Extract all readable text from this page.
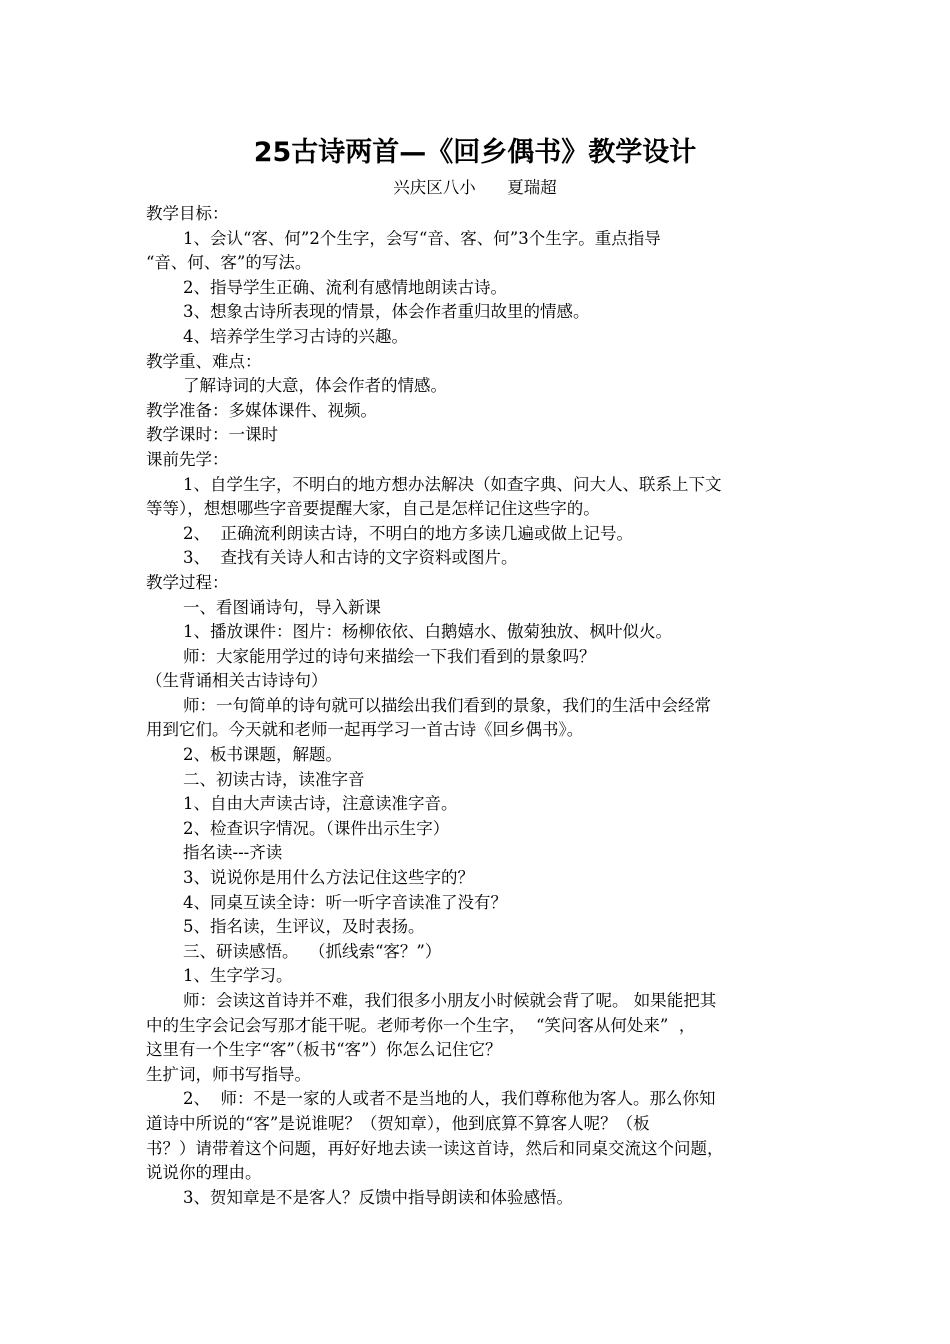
25古诗两首—《回乡偶书》教学设计
兴庆区八小      夏瑞超
教学目标：
1、会认“客、何”2个生字，会写“音、客、何”3个生字。重点指导
“音、何、客”的写法。
2、指导学生正确、流利有感情地朗读古诗。
3、想象古诗所表现的情景，体会作者重归故里的情感。
4、培养学生学习古诗的兴趣。
教学重、难点：
了解诗词的大意，体会作者的情感。
教学准备：多媒体课件、视频。
教学课时：一课时
课前先学：
1、自学生字，不明白的地方想办法解决（如查字典、问大人、联系上下文
等等），想想哪些字音要提醒大家，自己是怎样记住这些字的。
2、  正确流利朗读古诗，不明白的地方多读几遍或做上记号。
3、  查找有关诗人和古诗的文字资料或图片。
教学过程：
一、看图诵诗句，导入新课
1、播放课件：图片：杨柳依依、白鹅嬉水、傲菊独放、枫叶似火。
师：大家能用学过的诗句来描绘一下我们看到的景象吗？
（生背诵相关古诗诗句）
师：一句简单的诗句就可以描绘出我们看到的景象，我们的生活中会经常
用到它们。今天就和老师一起再学习一首古诗《回乡偶书》。
2、板书课题，解题。
二、初读古诗，读准字音
1、自由大声读古诗，注意读准字音。
2、检查识字情况。（课件出示生字）
指名读---齐读
3、说说你是用什么方法记住这些字的？
4、同桌互读全诗：听一听字音读准了没有？
5、指名读，生评议，及时表扬。
三、研读感悟。  （抓线索“客？”）
1、生字学习。
师：会读这首诗并不难，我们很多小朋友小时候就会背了呢。 如果能把其
中的生字会记会写那才能干呢。老师考你一个生字，  “笑问客从何处来”  ，
这里有一个生字“客”（板书“客”）你怎么记住它？
生扩词，师书写指导。
2、  师：不是一家的人或者不是当地的人，我们尊称他为客人。那么你知
道诗中所说的“客”是说谁呢？（贺知章），他到底算不算客人呢？（板
书？）请带着这个问题，再好好地去读一读这首诗，然后和同桌交流这个问题，
说说你的理由。
3、贺知章是不是客人？反馈中指导朗读和体验感悟。
